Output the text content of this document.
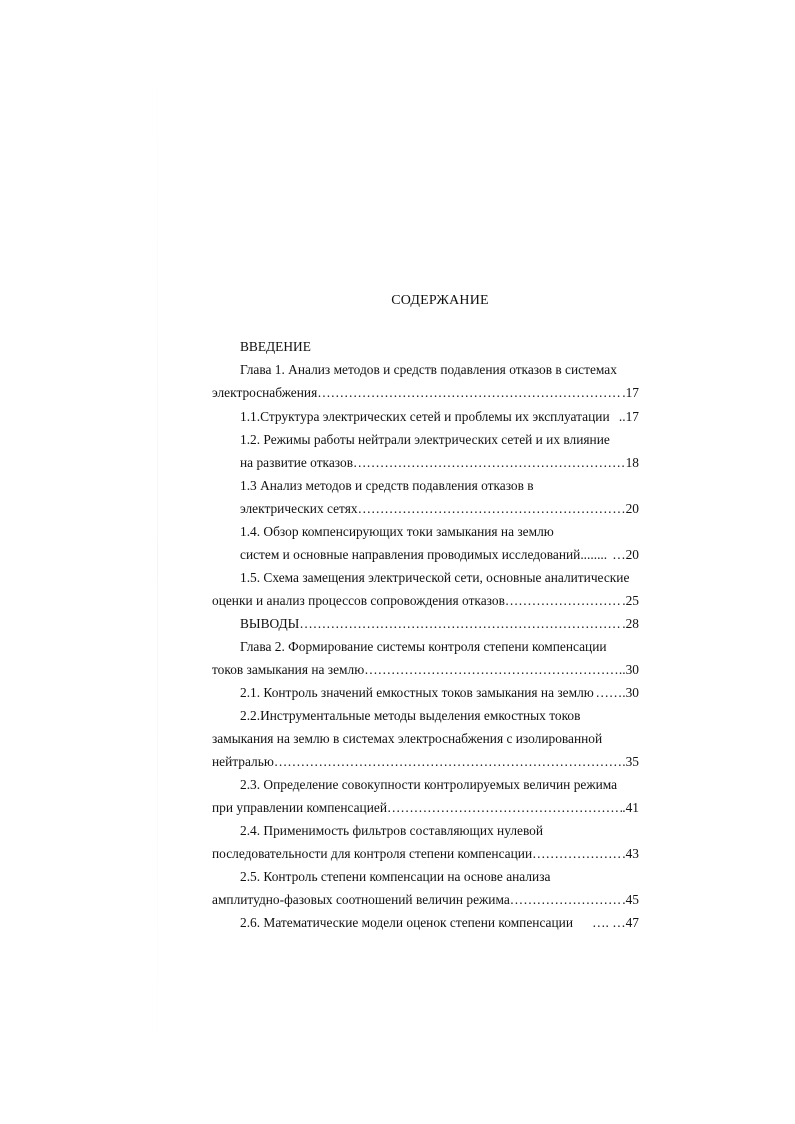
СОДЕРЖАНИЕ
ВВЕДЕНИЕ
Глава 1. Анализ методов и средств подавления отказов в системах
электроснабжения …………………………………………………………………………………………………………………………	.17
1.1.Структура электрических сетей и проблемы их эксплуатации ..17
1.2. Режимы работы нейтрали электрических сетей и их влияние
на развитие отказов …………………………………………………………………………………………………………………………	18
1.3 Анализ методов и средств подавления отказов в
электрических сетях …………………………………………………………………………………………………………………………	…20
1.4. Обзор компенсирующих токи замыкания на землю
систем и основные направления проводимых исследований........ …20
1.5. Схема замещения электрической сети, основные аналитические
оценки и анализ процессов сопровождения отказов …………………………………………………………………………………………………………………………	.25
ВЫВОДЫ …………………………………………………………………………………………………………………………	.28
Глава 2. Формирование системы контроля степени компенсации
токов замыкания на землю …………………………………………………………………………………………………………………………	..30
2.1. Контроль значений емкостных токов замыкания на землю …….30
2.2.Инструментальные методы выделения емкостных токов
замыкания на землю в системах электроснабжения с изолированной
нейтралью …………………………………………………………………………………………………………………………	.35
2.3. Определение совокупности контролируемых величин режима
при управлении компенсацией …………………………………………………………………………………………………………………………	.41
2.4. Применимость фильтров составляющих нулевой
последовательности для контроля степени компенсации …………………………………………………………………………………………………………………………	.43
2.5. Контроль степени компенсации на основе анализа
амплитудно-фазовых соотношений величин режима …………………………………………………………………………………………………………………………	.45
2.6. Математические модели оценок степени компенсации …. …47
